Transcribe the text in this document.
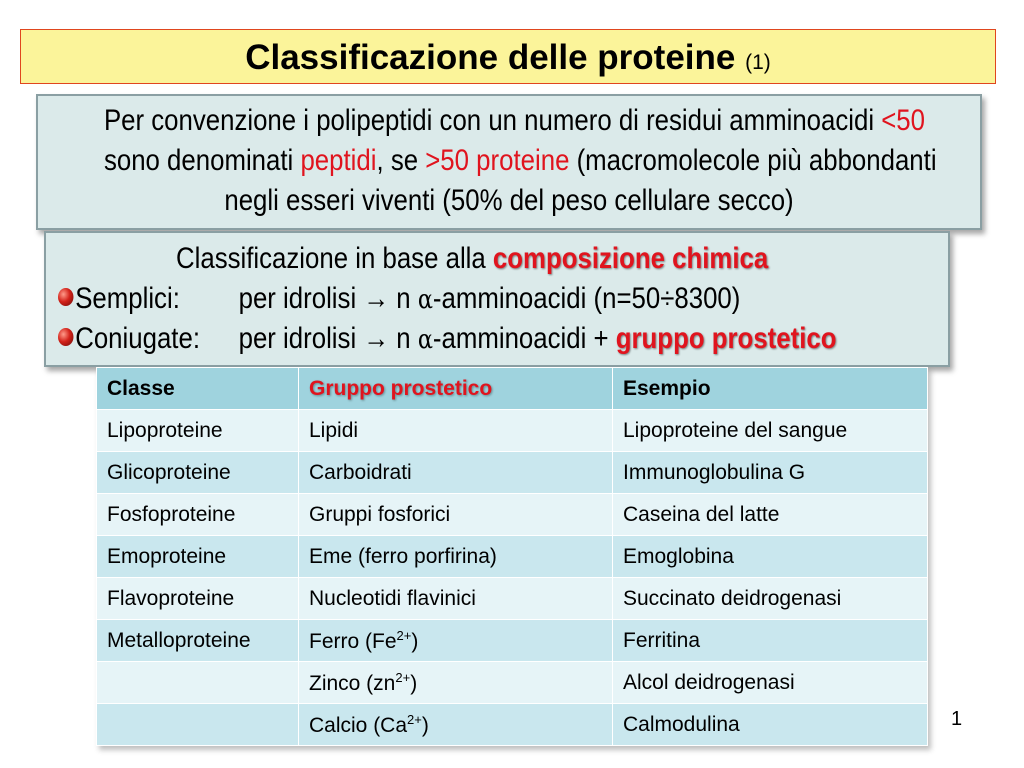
Classificazione delle proteine (1)
Per convenzione i polipeptidi con un numero di residui amminoacidi <50
sono denominati peptidi, se >50 proteine (macromolecole più abbondanti
negli esseri viventi (50% del peso cellulare secco)
Classificazione in base alla composizione chimica
Semplici: per idrolisi → n α-amminoacidi (n=50÷8300)
Coniugate: per idrolisi → n α-amminoacidi + gruppo prostetico
Classe	Gruppo prostetico	Esempio
Lipoproteine	Lipidi	Lipoproteine del sangue
Glicoproteine	Carboidrati	Immunoglobulina G
Fosfoproteine	Gruppi fosforici	Caseina del latte
Emoproteine	Eme (ferro porfirina)	Emoglobina
Flavoproteine	Nucleotidi flavinici	Succinato deidrogenasi
Metalloproteine	Ferro $(Fe^{2+})$	Ferritina
	Zinco $(zn^{2+})$	Alcol deidrogenasi
	Calcio $(Ca^{2+})$	Calmodulina	1
